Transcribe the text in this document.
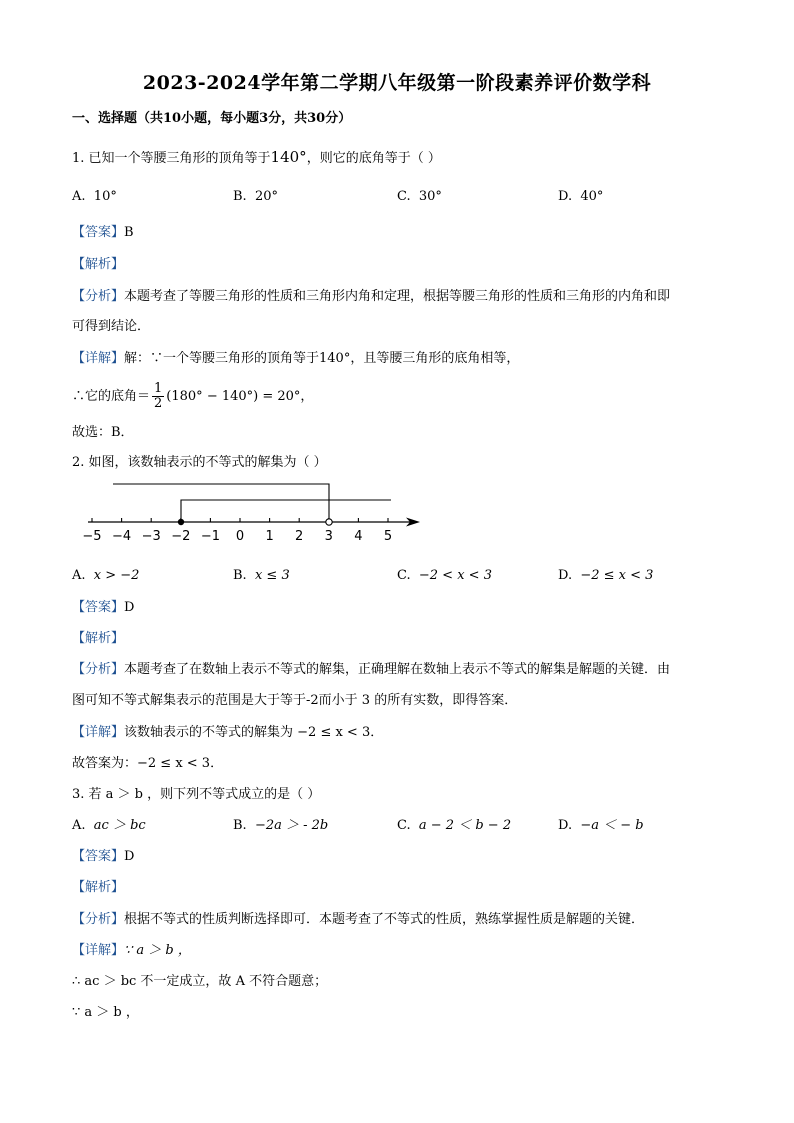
2023-2024学年第二学期八年级第一阶段素养评价数学科
一、选择题（共10小题，每小题3分，共30分）
1. 已知一个等腰三角形的顶角等于140°，则它的底角等于（ ）
A. 10°	B. 20°	C. 30°	D. 40°
【答案】B
【解析】
【分析】本题考查了等腰三角形的性质和三角形内角和定理，根据等腰三角形的性质和三角形的内角和即
可得到结论．
【详解】解：∵一个等腰三角形的顶角等于140°，且等腰三角形的底角相等，
∴它的底角＝ $\frac{1}{2} (180^\circ - 140^\circ) = 20^\circ$，
故选：B．
2. 如图，该数轴表示的不等式的解集为（ ）
−5 −4 −3 −2 −1 0 1 2 3 4 5
A. x > −2	B. x ≤ 3	C. −2 < x < 3	D. −2 ≤ x < 3
【答案】D
【解析】
【分析】本题考查了在数轴上表示不等式的解集，正确理解在数轴上表示不等式的解集是解题的关键．由
图可知不等式解集表示的范围是大于等于-2而小于 3 的所有实数，即得答案．
【详解】该数轴表示的不等式的解集为 −2 ≤ x < 3．
故答案为：−2 ≤ x < 3．
3. 若 a ＞ b ，则下列不等式成立的是（ ）
A. ac ＞ bc	B. −2a ＞ - 2b	C. a − 2 ＜ b − 2	D. −a ＜ − b
【答案】D
【解析】
【分析】根据不等式的性质判断选择即可．本题考查了不等式的性质，熟练掌握性质是解题的关键．
【详解】∵ a ＞ b ，
∴ ac ＞ bc 不一定成立，故 A 不符合题意；
∵ a ＞ b ，
